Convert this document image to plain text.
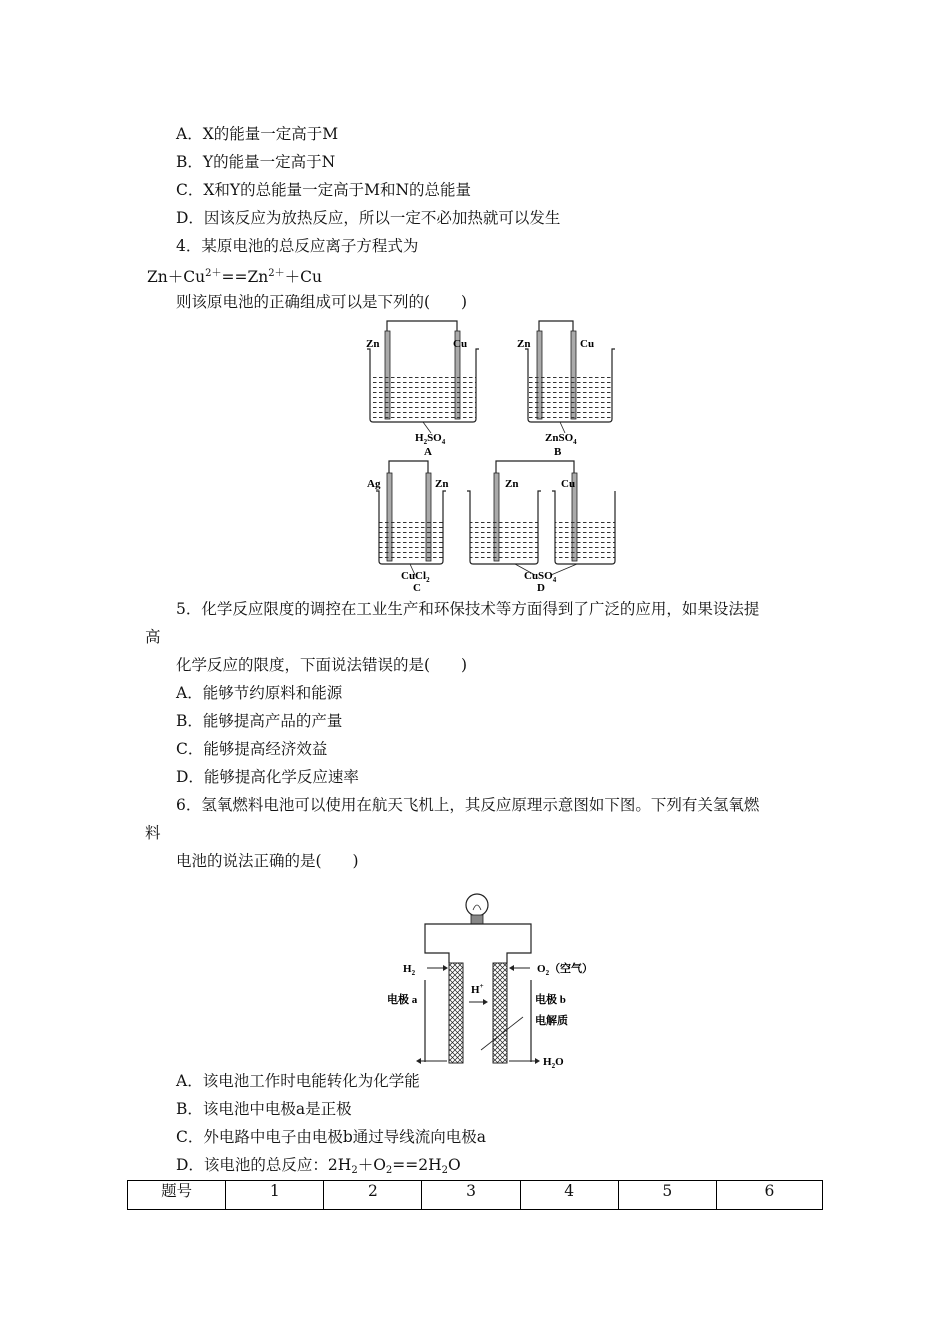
A．X的能量一定高于M
B．Y的能量一定高于N
C．X和Y的总能量一定高于M和N的总能量
D．因该反应为放热反应，所以一定不必加热就可以发生
4．某原电池的总反应离子方程式为
$Zn+Cu^{2+}==Zn^{2+}+Cu$
则该原电池的正确组成可以是下列的(　　)
Zn	Cu
$H_2SO_4$
A
Zn	Cu
ZnSO$_4$
B
Ag	Zn
CuCl$_2$
C
Zn	Cu
CuSO$_4$
D
5．化学反应限度的调控在工业生产和环保技术等方面得到了广泛的应用，如果设法提
高
化学反应的限度，下面说法错误的是(　　)
A．能够节约原料和能源
B．能够提高产品的产量
C．能够提高经济效益
D．能够提高化学反应速率
6．氢氧燃料电池可以使用在航天飞机上，其反应原理示意图如下图。下列有关氢氧燃
料
电池的说法正确的是(　　)
$H_2$	$O_2$（空气）
H+
电极 a	电极 b
电解质
$H_2O$
A．该电池工作时电能转化为化学能
B．该电池中电极a是正极
C．外电路中电子由电极b通过导线流向电极a
D．该电池的总反应：$2H_2+O_2==2H_2O$
题号	1	2	3	4	5	6
